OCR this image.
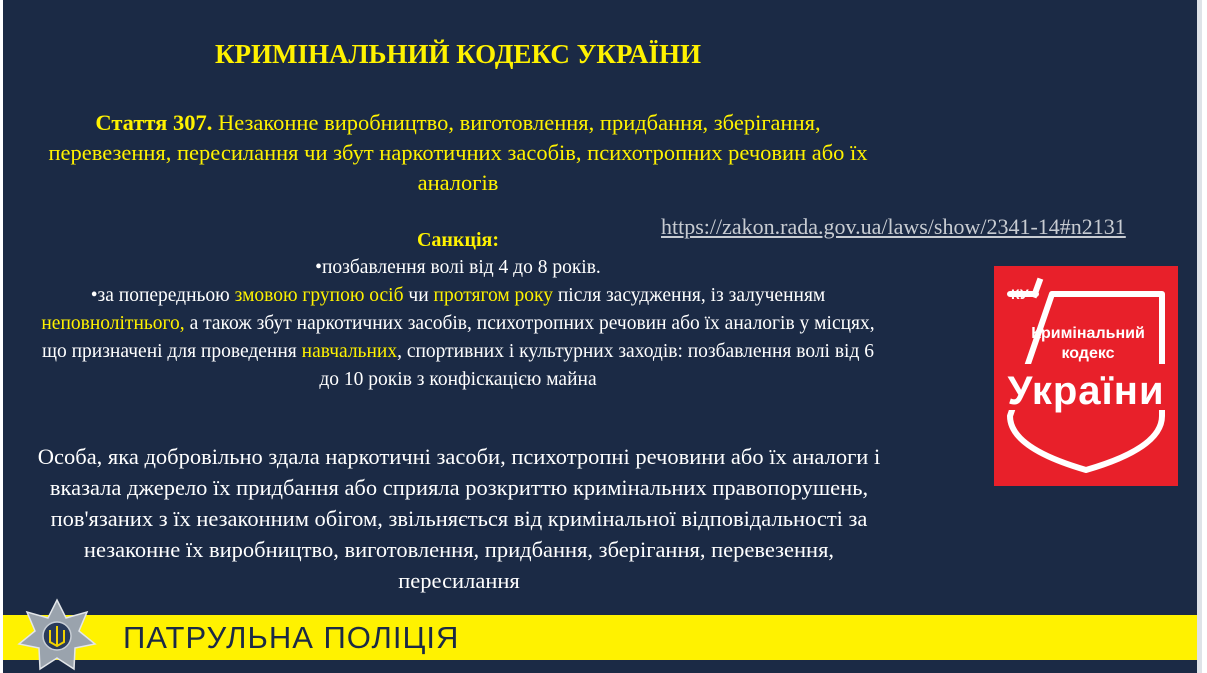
КРИМІНАЛЬНИЙ КОДЕКС УКРАЇНИ
Стаття 307. Незаконне виробництво, виготовлення, придбання, зберігання, перевезення, пересилання чи збут наркотичних засобів, психотропних речовин або їх аналогів
https://zakon.rada.gov.ua/laws/show/2341-14#n2131
Санкція:
•позбавлення волі від 4 до 8 років.
•за попередньою змовою групою осіб чи протягом року після засудження, із залученням неповнолітнього, а також збут наркотичних засобів, психотропних речовин або їх аналогів у місцях, що призначені для проведення навчальних, спортивних і культурних заходів: позбавлення волі від 6 до 10 років з конфіскацією майна
Особа, яка добровільно здала наркотичні засоби, психотропні речовини або їх аналоги і вказала джерело їх придбання або сприяла розкриттю кримінальних правопорушень, пов'язаних з їх незаконним обігом, звільняється від кримінальної відповідальності за незаконне їх виробництво, виготовлення, придбання, зберігання, перевезення, пересилання
КУ
Кримінальний
кодекс
України
ПАТРУЛЬНА ПОЛІЦІЯ
